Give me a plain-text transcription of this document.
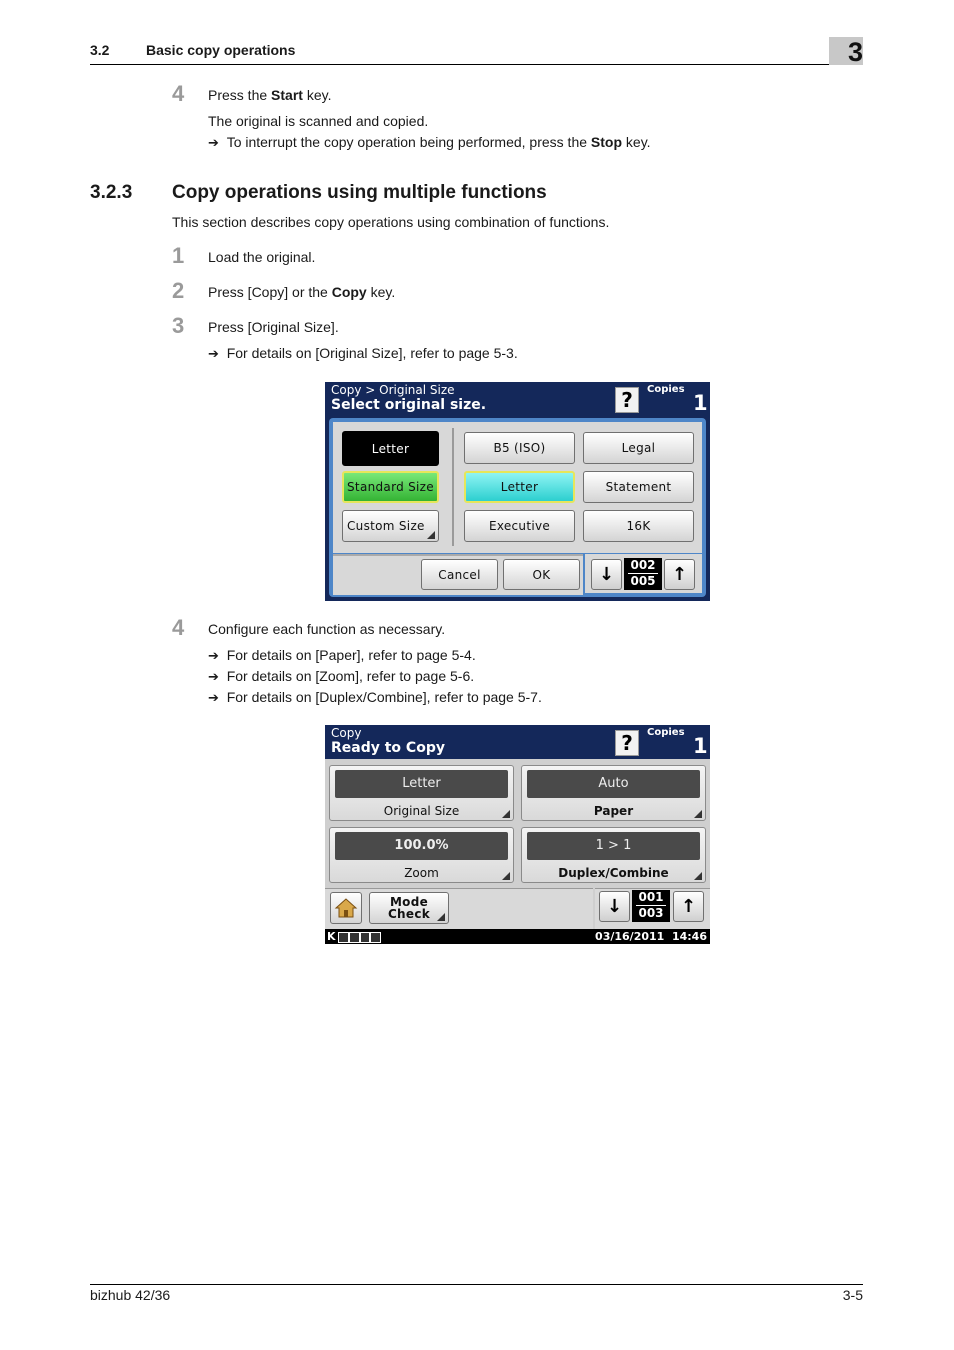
3.2	Basic copy operations	3
4 Press the Start key.
The original is scanned and copied.
➔ To interrupt the copy operation being performed, press the Stop key.
3.2.3 Copy operations using multiple functions
This section describes copy operations using combination of functions.
1 Load the original.
2 Press [Copy] or the Copy key.
3 Press [Original Size].
➔ For details on [Original Size], refer to page 5-3.
Copy > Original Size
Select original size.	?	Copies
1
Letter
Standard Size
Custom Size
B5 (ISO)	Legal
Letter	Statement
Executive	16K
Cancel	OK	↓	002
005 ↑
4 Configure each function as necessary.
➔ For details on [Paper], refer to page 5-4.
➔ For details on [Zoom], refer to page 5-6.
➔ For details on [Duplex/Combine], refer to page 5-7.
Copy
Ready to Copy	?	Copies
1
Letter
Original Size
Auto
Paper
100.0%
Zoom
1 > 1
Duplex/Combine
Mode
Check	↓	001
003 ↑
K	03/16/2011  14:46
bizhub 42/36	3-5
